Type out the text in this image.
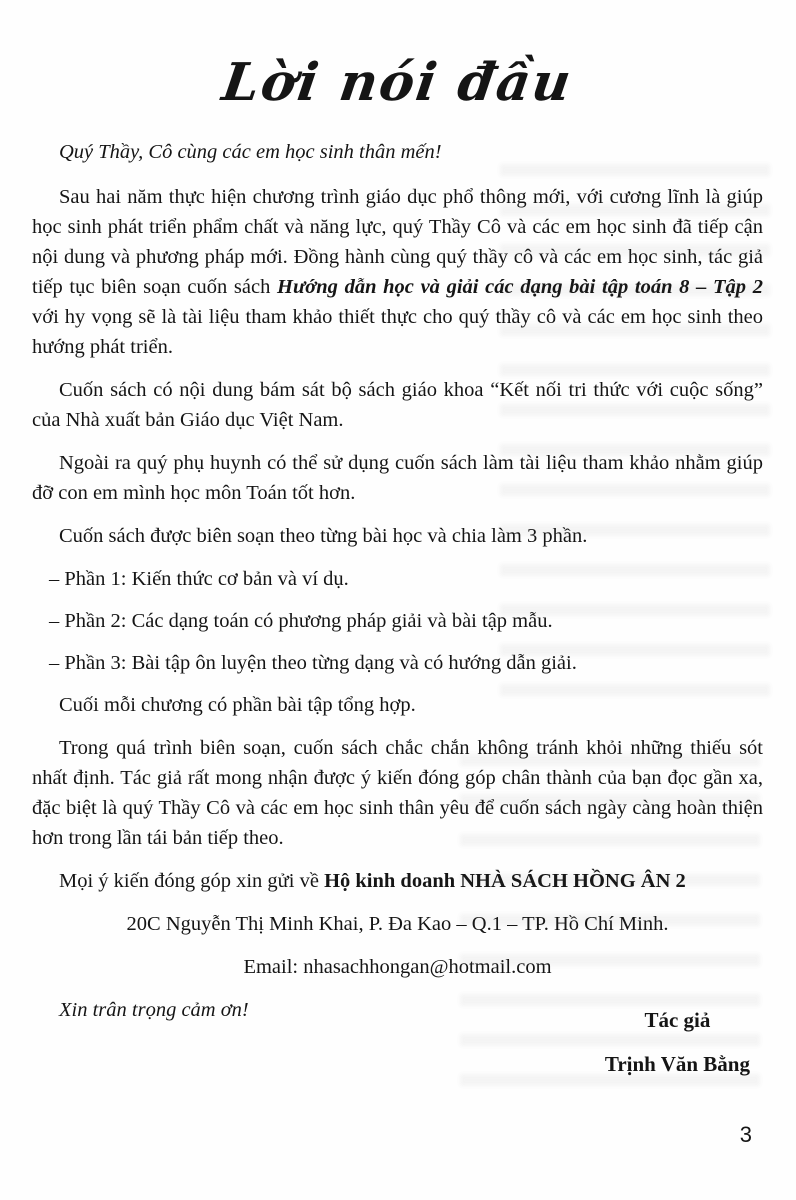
Lời nói đầu

Quý Thầy, Cô cùng các em học sinh thân mến!

Sau hai năm thực hiện chương trình giáo dục phổ thông mới, với cương lĩnh là giúp học sinh phát triển phẩm chất và năng lực, quý Thầy Cô và các em học sinh đã tiếp cận nội dung và phương pháp mới. Đồng hành cùng quý thầy cô và các em học sinh, tác giả tiếp tục biên soạn cuốn sách Hướng dẫn học và giải các dạng bài tập toán 8 – Tập 2 với hy vọng sẽ là tài liệu tham khảo thiết thực cho quý thầy cô và các em học sinh theo hướng phát triển.

Cuốn sách có nội dung bám sát bộ sách giáo khoa “Kết nối tri thức với cuộc sống” của Nhà xuất bản Giáo dục Việt Nam.

Ngoài ra quý phụ huynh có thể sử dụng cuốn sách làm tài liệu tham khảo nhằm giúp đỡ con em mình học môn Toán tốt hơn.

Cuốn sách được biên soạn theo từng bài học và chia làm 3 phần.

– Phần 1: Kiến thức cơ bản và ví dụ.

– Phần 2: Các dạng toán có phương pháp giải và bài tập mẫu.

– Phần 3: Bài tập ôn luyện theo từng dạng và có hướng dẫn giải.

Cuối mỗi chương có phần bài tập tổng hợp.

Trong quá trình biên soạn, cuốn sách chắc chắn không tránh khỏi những thiếu sót nhất định. Tác giả rất mong nhận được ý kiến đóng góp chân thành của bạn đọc gần xa, đặc biệt là quý Thầy Cô và các em học sinh thân yêu để cuốn sách ngày càng hoàn thiện hơn trong lần tái bản tiếp theo.

Mọi ý kiến đóng góp xin gửi về Hộ kinh doanh NHÀ SÁCH HỒNG ÂN 2

20C Nguyễn Thị Minh Khai, P. Đa Kao – Q.1 – TP. Hồ Chí Minh.

Email: nhasachhongan@hotmail.com

Xin trân trọng cảm ơn!	Tác giả
Trịnh Văn Bằng
3
